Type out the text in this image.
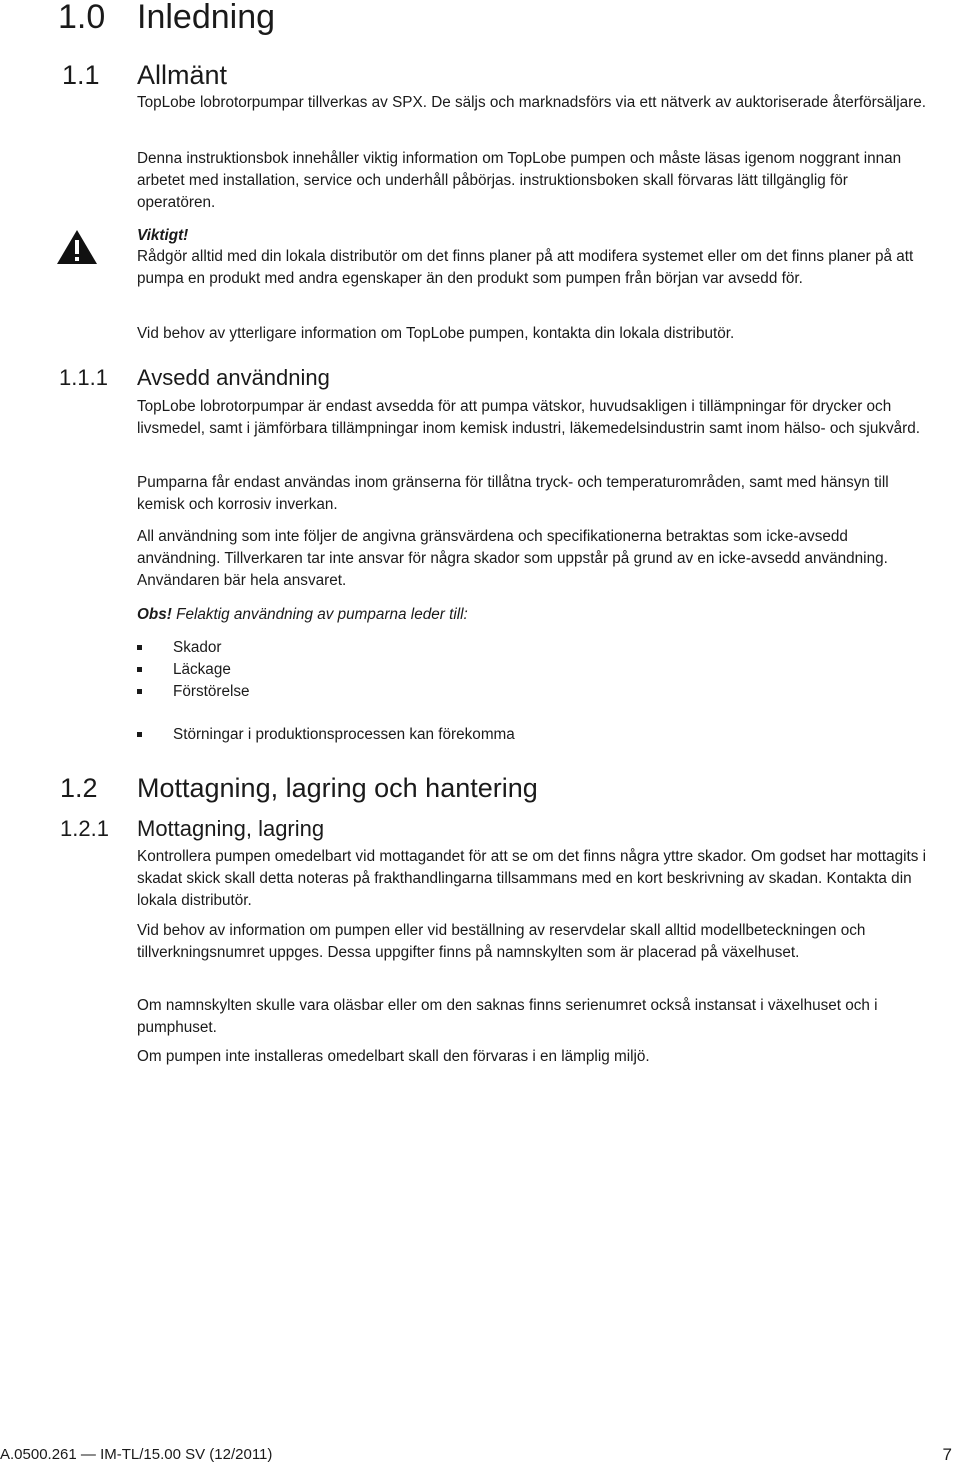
1.0 Inledning
1.1 Allmänt

TopLobe lobrotorpumpar tillverkas av SPX. De säljs och marknadsförs via ett nätverk av auktoriserade återförsäljare.

Denna instruktionsbok innehåller viktig information om TopLobe pumpen och måste läsas igenom noggrant innan arbetet med installation, service och underhåll påbörjas. instruktionsboken skall förvaras lätt tillgänglig för operatören.

Viktigt!

Rådgör alltid med din lokala distributör om det finns planer på att modifera systemet eller om det finns planer på att pumpa en produkt med andra egenskaper än den produkt som pumpen från början var avsedd för.

Vid behov av ytterligare information om TopLobe pumpen, kontakta din lokala distributör.

1.1.1 Avsedd användning

TopLobe lobrotorpumpar är endast avsedda för att pumpa vätskor, huvudsakligen i tillämpningar för drycker och livsmedel, samt i jämförbara tillämpningar inom kemisk industri, läkemedelsindustrin samt inom hälso- och sjukvård.

Pumparna får endast användas inom gränserna för tillåtna tryck- och temperaturområden, samt med hänsyn till kemisk och korrosiv inverkan.

All användning som inte följer de angivna gränsvärdena och specifikationerna betraktas som icke-avsedd användning. Tillverkaren tar inte ansvar för några skador som uppstår på grund av en icke-avsedd användning. Användaren bär hela ansvaret.

Obs! Felaktig användning av pumparna leder till:
Skador
Läckage
Förstörelse
Störningar i produktionsprocessen kan förekomma
1.2 Mottagning, lagring och hantering
1.2.1 Mottagning, lagring

Kontrollera pumpen omedelbart vid mottagandet för att se om det finns några yttre skador. Om godset har mottagits i skadat skick skall detta noteras på frakthandlingarna tillsammans med en kort beskrivning av skadan. Kontakta din lokala distributör.

Vid behov av information om pumpen eller vid beställning av reservdelar skall alltid modellbeteckningen och tillverkningsnumret uppges. Dessa uppgifter finns på namnskylten som är placerad på växelhuset.

Om namnskylten skulle vara oläsbar eller om den saknas finns serienumret också instansat i växelhuset och i pumphuset.

Om pumpen inte installeras omedelbart skall den förvaras i en lämplig miljö.

A.0500.261 — IM-TL/15.00 SV (12/2011)	7
